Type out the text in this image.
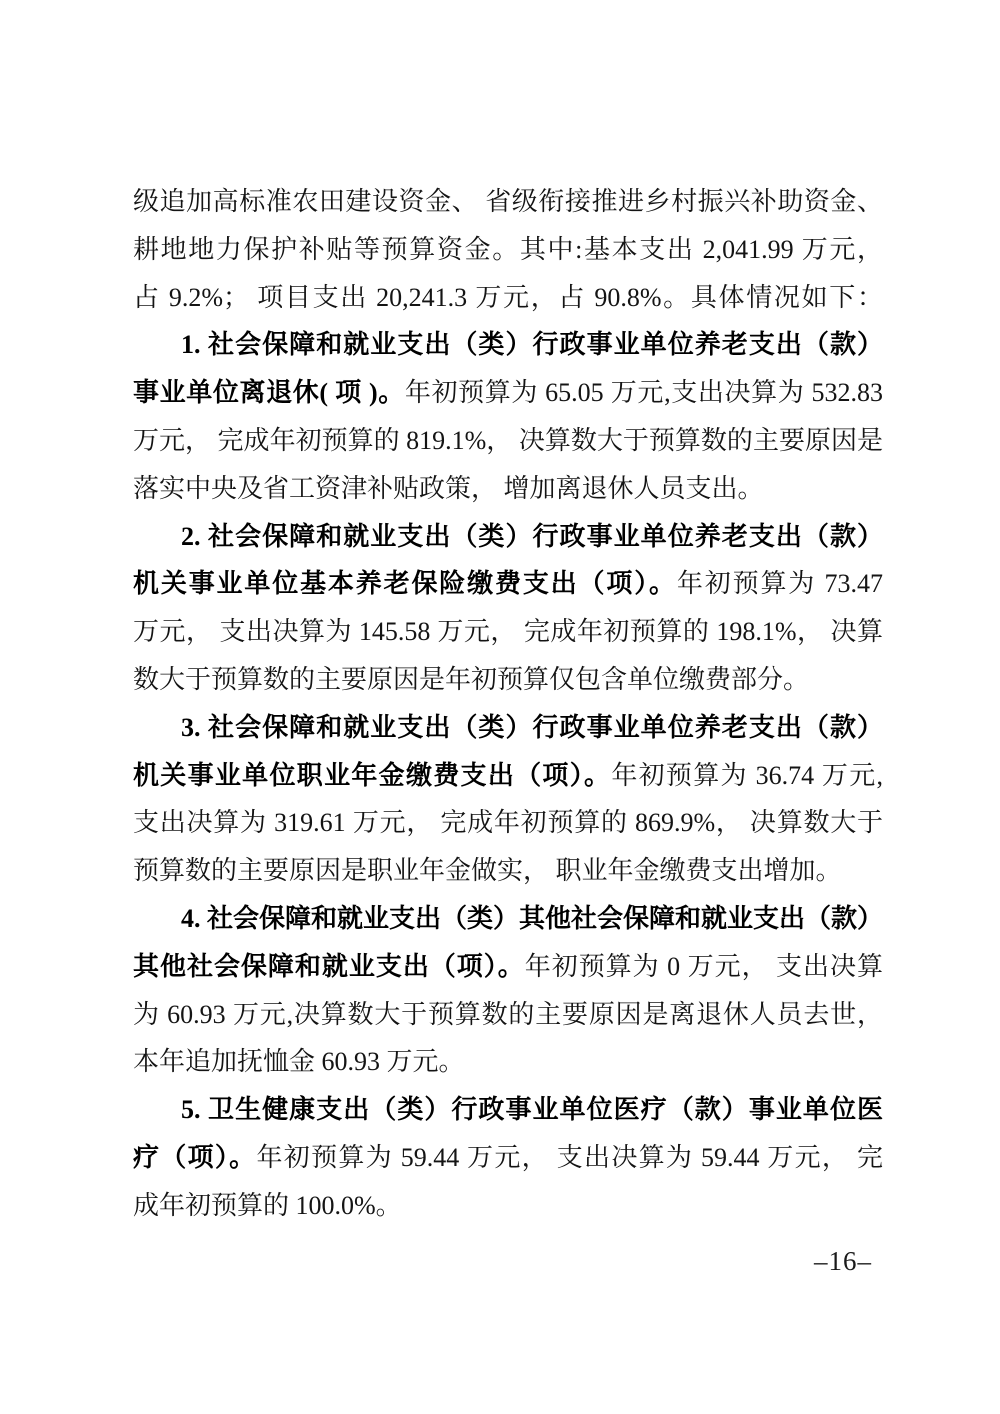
级追加高标准农田建设资金、 省级衔接推进乡村振兴补助资金、
耕地地力保护补贴等预算资金。其中:基本支出 2,041.99 万元，
占 9.2%； 项目支出 20,241.3 万元，占 90.8%。具体情况如下：
1. 社会保障和就业支出（类）行政事业单位养老支出（款）
事业单位离退休( 项 )。年初预算为 65.05 万元,支出决算为 532.83
万元， 完成年初预算的 819.1%， 决算数大于预算数的主要原因是
落实中央及省工资津补贴政策， 增加离退休人员支出。
2. 社会保障和就业支出（类）行政事业单位养老支出（款）
机关事业单位基本养老保险缴费支出（项）。年初预算为 73.47
万元， 支出决算为 145.58 万元， 完成年初预算的 198.1%， 决算
数大于预算数的主要原因是年初预算仅包含单位缴费部分。
3. 社会保障和就业支出（类）行政事业单位养老支出（款）
机关事业单位职业年金缴费支出（项）。年初预算为 36.74 万元,
支出决算为 319.61 万元， 完成年初预算的 869.9%， 决算数大于
预算数的主要原因是职业年金做实， 职业年金缴费支出增加。
4. 社会保障和就业支出（类）其他社会保障和就业支出（款）
其他社会保障和就业支出（项）。年初预算为 0 万元， 支出决算
为 60.93 万元,决算数大于预算数的主要原因是离退休人员去世，
本年追加抚恤金 60.93 万元。
5. 卫生健康支出（类）行政事业单位医疗（款）事业单位医
疗（项）。年初预算为 59.44 万元， 支出决算为 59.44 万元， 完
成年初预算的 100.0%。
–16–
